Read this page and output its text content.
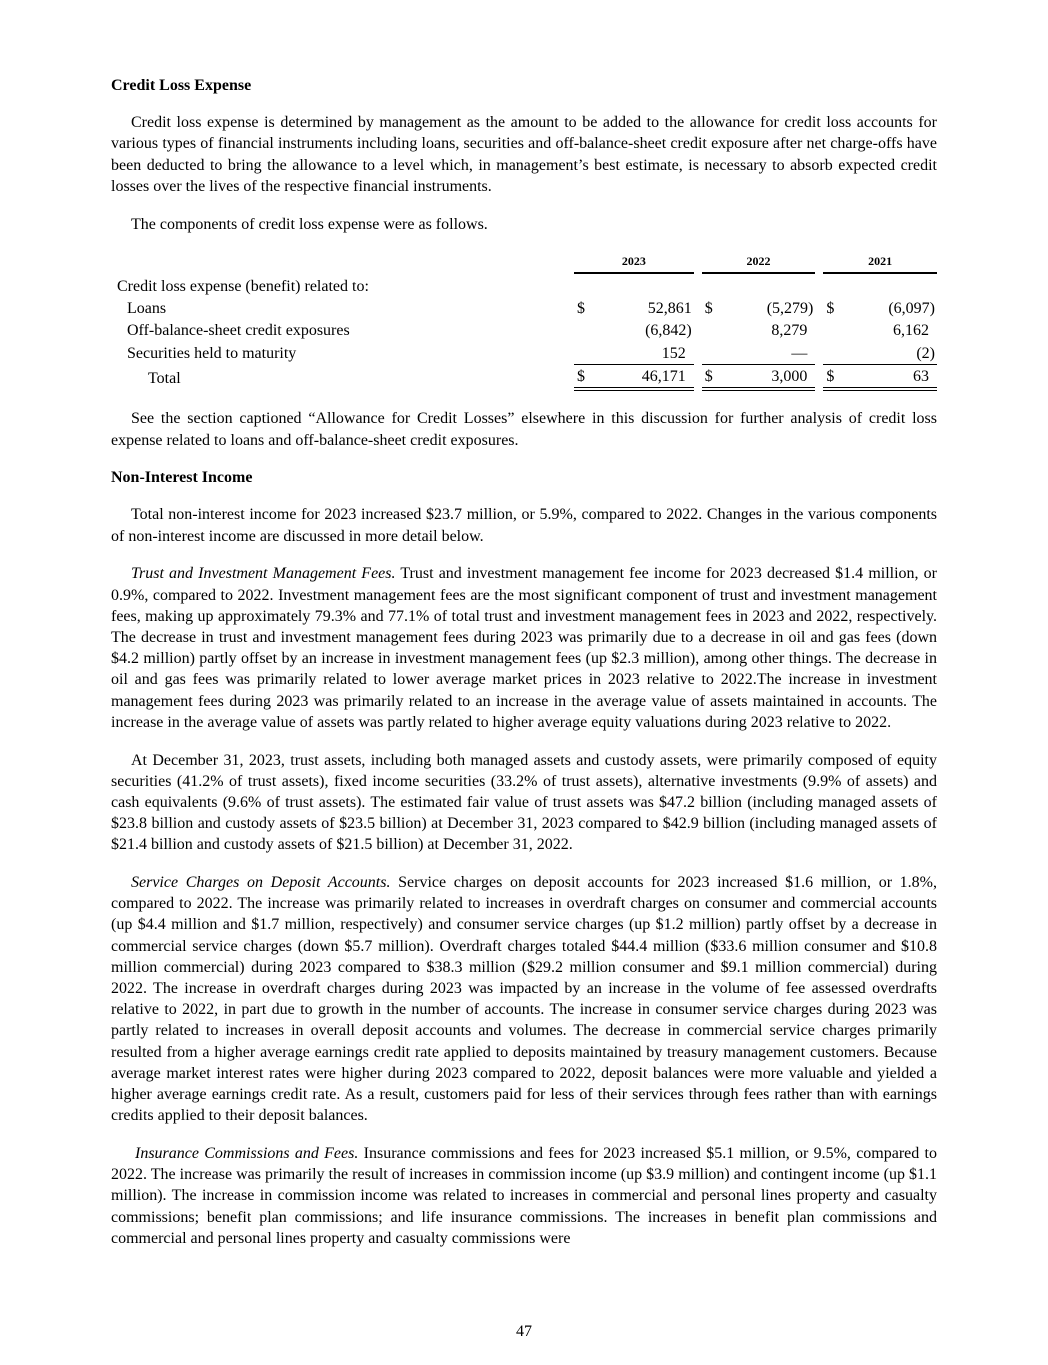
Credit Loss Expense

Credit loss expense is determined by management as the amount to be added to the allowance for credit loss accounts for various types of financial instruments including loans, securities and off-balance-sheet credit exposure after net charge-offs have been deducted to bring the allowance to a level which, in management’s best estimate, is necessary to absorb expected credit losses over the lives of the respective financial instruments.

The components of credit loss expense were as follows.

	2023			2022			2021	
Credit loss expense (benefit) related to:								
Loans	$	52,861		$	(5,279)		$	(6,097)
Off-balance-sheet credit exposures		(6,842)			8,279			6,162
Securities held to maturity		152			—			(2)
Total	$	46,171		$	3,000		$	63

See the section captioned “Allowance for Credit Losses” elsewhere in this discussion for further analysis of credit loss expense related to loans and off-balance-sheet credit exposures.

Non-Interest Income

Total non-interest income for 2023 increased $23.7 million, or 5.9%, compared to 2022. Changes in the various components of non-interest income are discussed in more detail below.

Trust and Investment Management Fees. Trust and investment management fee income for 2023 decreased $1.4 million, or 0.9%, compared to 2022. Investment management fees are the most significant component of trust and investment management fees, making up approximately 79.3% and 77.1% of total trust and investment management fees in 2023 and 2022, respectively. The decrease in trust and investment management fees during 2023 was primarily due to a decrease in oil and gas fees (down $4.2 million) partly offset by an increase in investment management fees (up $2.3 million), among other things. The decrease in oil and gas fees was primarily related to lower average market prices in 2023 relative to 2022.The increase in investment management fees during 2023 was primarily related to an increase in the average value of assets maintained in accounts. The increase in the average value of assets was partly related to higher average equity valuations during 2023 relative to 2022.

At December 31, 2023, trust assets, including both managed assets and custody assets, were primarily composed of equity securities (41.2% of trust assets), fixed income securities (33.2% of trust assets), alternative investments (9.9% of assets) and cash equivalents (9.6% of trust assets). The estimated fair value of trust assets was $47.2 billion (including managed assets of $23.8 billion and custody assets of $23.5 billion) at December 31, 2023 compared to $42.9 billion (including managed assets of $21.4 billion and custody assets of $21.5 billion) at December 31, 2022.

Service Charges on Deposit Accounts. Service charges on deposit accounts for 2023 increased $1.6 million, or 1.8%, compared to 2022. The increase was primarily related to increases in overdraft charges on consumer and commercial accounts (up $4.4 million and $1.7 million, respectively) and consumer service charges (up $1.2 million) partly offset by a decrease in commercial service charges (down $5.7 million). Overdraft charges totaled $44.4 million ($33.6 million consumer and $10.8 million commercial) during 2023 compared to $38.3 million ($29.2 million consumer and $9.1 million commercial) during 2022. The increase in overdraft charges during 2023 was impacted by an increase in the volume of fee assessed overdrafts relative to 2022, in part due to growth in the number of accounts. The increase in consumer service charges during 2023 was partly related to increases in overall deposit accounts and volumes. The decrease in commercial service charges primarily resulted from a higher average earnings credit rate applied to deposits maintained by treasury management customers. Because average market interest rates were higher during 2023 compared to 2022, deposit balances were more valuable and yielded a higher average earnings credit rate. As a result, customers paid for less of their services through fees rather than with earnings credits applied to their deposit balances.

Insurance Commissions and Fees. Insurance commissions and fees for 2023 increased $5.1 million, or 9.5%, compared to 2022. The increase was primarily the result of increases in commission income (up $3.9 million) and contingent income (up $1.1 million). The increase in commission income was related to increases in commercial and personal lines property and casualty commissions; benefit plan commissions; and life insurance commissions. The increases in benefit plan commissions and commercial and personal lines property and casualty commissions were

47
